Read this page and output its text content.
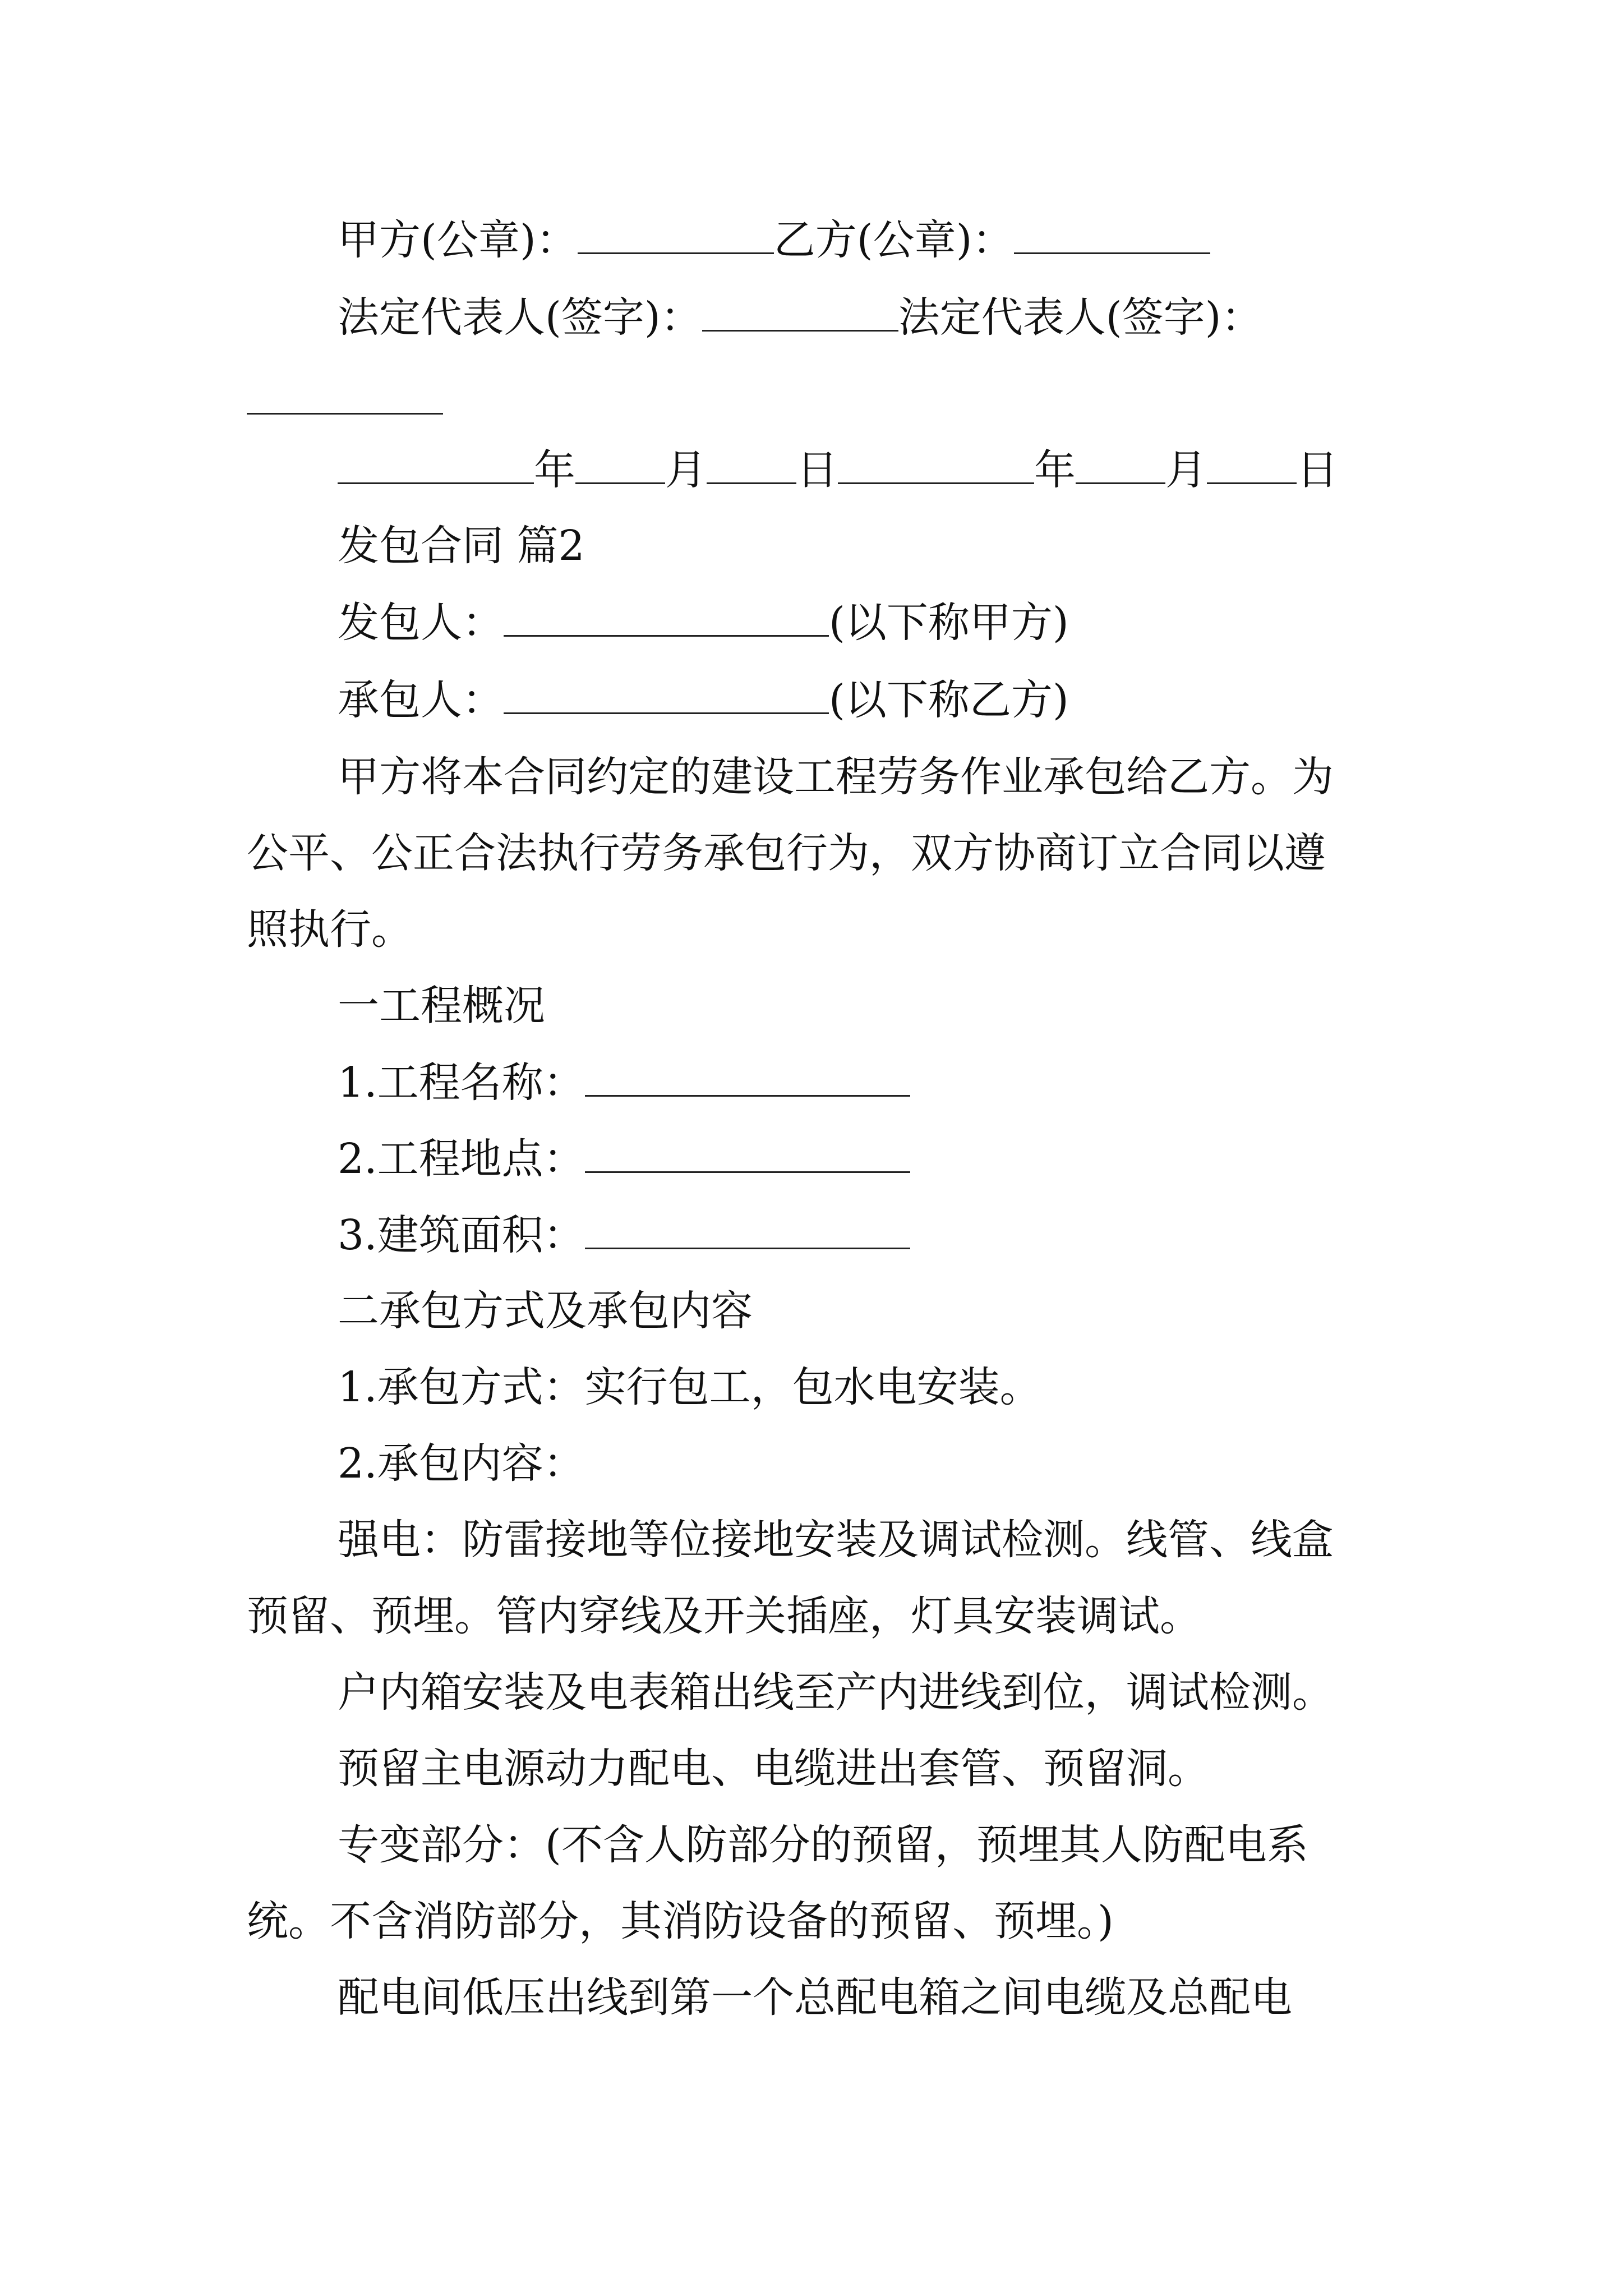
甲方(公章)：	乙方(公章)：
法定代表人(签字)：	法定代表人(签字)：
年 月 日	年 月 日
发包合同 篇2
发包人：	(以下称甲方)
承包人：	(以下称乙方)
甲方将本合同约定的建设工程劳务作业承包给乙方。为
公平、公正合法执行劳务承包行为，双方协商订立合同以遵
照执行。
一工程概况
1.工程名称：
2.工程地点：
3.建筑面积：
二承包方式及承包内容
1.承包方式：实行包工，包水电安装。
2.承包内容：
强电：防雷接地等位接地安装及调试检测。线管、线盒
预留、预埋。管内穿线及开关插座，灯具安装调试。
户内箱安装及电表箱出线至产内进线到位，调试检测。
预留主电源动力配电、电缆进出套管、预留洞。
专变部分：(不含人防部分的预留，预埋其人防配电系
统。不含消防部分，其消防设备的预留、预埋。)
配电间低压出线到第一个总配电箱之间电缆及总配电
